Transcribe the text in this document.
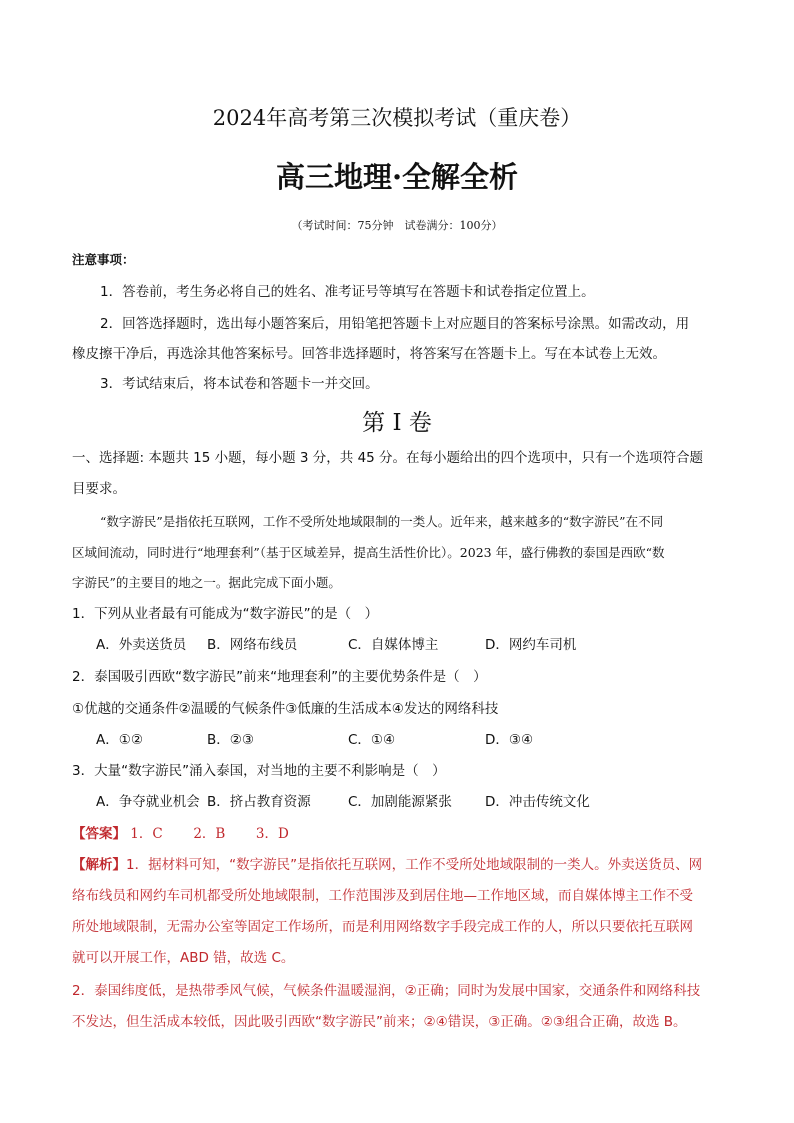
2024年高考第三次模拟考试（重庆卷）
高三地理·全解全析
（考试时间：75分钟　试卷满分：100分）
注意事项：
1．答卷前，考生务必将自己的姓名、准考证号等填写在答题卡和试卷指定位置上。
2．回答选择题时，选出每小题答案后，用铅笔把答题卡上对应题目的答案标号涂黑。如需改动，用
橡皮擦干净后，再选涂其他答案标号。回答非选择题时，将答案写在答题卡上。写在本试卷上无效。
3．考试结束后，将本试卷和答题卡一并交回。
第 I 卷
一、选择题: 本题共 15 小题，每小题 3 分，共 45 分。在每小题给出的四个选项中，只有一个选项符合题
目要求。
“数字游民”是指依托互联网，工作不受所处地域限制的一类人。近年来，越来越多的“数字游民”在不同
区域间流动，同时进行“地理套利”（基于区域差异，提高生活性价比）。2023 年，盛行佛教的泰国是西欧“数
字游民”的主要目的地之一。据此完成下面小题。
1．下列从业者最有可能成为“数字游民”的是（　）
A．外卖送货员 B．网络布线员	C．自媒体博主	D．网约车司机
2．泰国吸引西欧“数字游民”前来“地理套利”的主要优势条件是（　）
①优越的交通条件②温暖的气候条件③低廉的生活成本④发达的网络科技
A．①②	B．②③	C．①④	D．③④
3．大量“数字游民”涌入泰国，对当地的主要不利影响是（　）
A．争夺就业机会 B．挤占教育资源	C．加剧能源紧张 D．冲击传统文化
【答案】 1．C 2．B 3．D
【解析】1．据材料可知，“数字游民”是指依托互联网，工作不受所处地域限制的一类人。外卖送货员、网
络布线员和网约车司机都受所处地域限制，工作范围涉及到居住地—工作地区域，而自媒体博主工作不受
所处地域限制，无需办公室等固定工作场所，而是利用网络数字手段完成工作的人，所以只要依托互联网
就可以开展工作，ABD 错，故选 C。
2．泰国纬度低，是热带季风气候，气候条件温暖湿润，②正确；同时为发展中国家，交通条件和网络科技
不发达，但生活成本较低，因此吸引西欧“数字游民”前来；②④错误，③正确。②③组合正确，故选 B。
